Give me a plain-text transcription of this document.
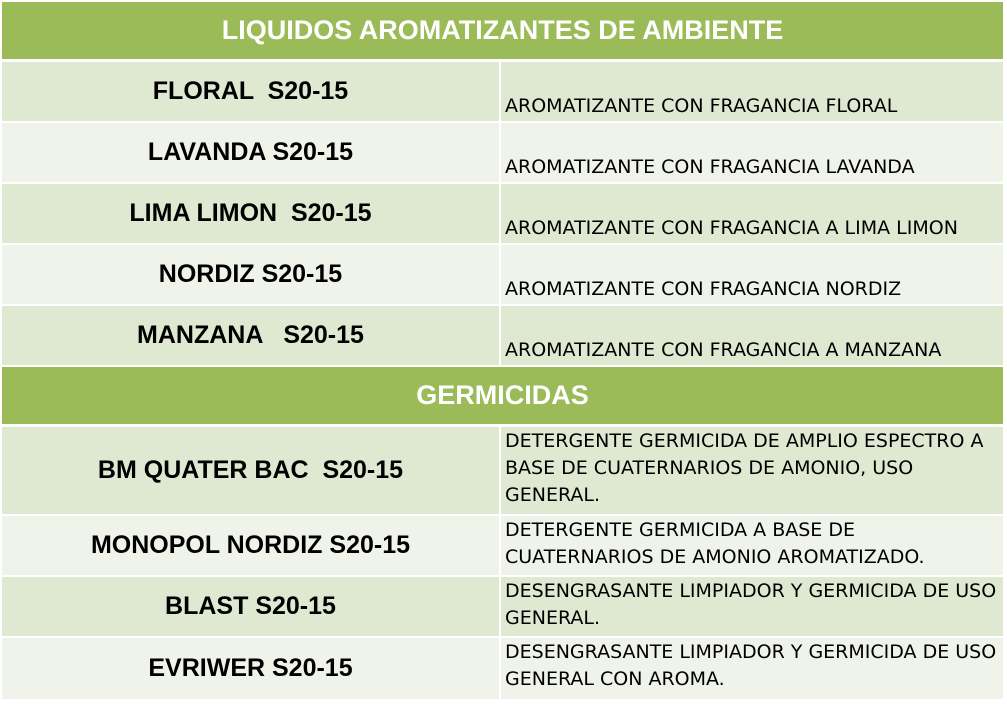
LIQUIDOS AROMATIZANTES DE AMBIENTE
FLORAL  S20-15
AROMATIZANTE CON FRAGANCIA FLORAL
LAVANDA S20-15
AROMATIZANTE CON FRAGANCIA LAVANDA
LIMA LIMON  S20-15
AROMATIZANTE CON FRAGANCIA A LIMA LIMON
NORDIZ S20-15
AROMATIZANTE CON FRAGANCIA NORDIZ
MANZANA   S20-15
AROMATIZANTE CON FRAGANCIA A MANZANA
GERMICIDAS
BM QUATER BAC  S20-15
DETERGENTE GERMICIDA DE AMPLIO ESPECTRO A BASE DE CUATERNARIOS DE AMONIO, USO GENERAL.
MONOPOL NORDIZ S20-15
DETERGENTE GERMICIDA A BASE DE CUATERNARIOS DE AMONIO AROMATIZADO.
BLAST S20-15
DESENGRASANTE LIMPIADOR Y GERMICIDA DE USO GENERAL.
EVRIWER S20-15
DESENGRASANTE LIMPIADOR Y GERMICIDA DE USO GENERAL CON AROMA.
